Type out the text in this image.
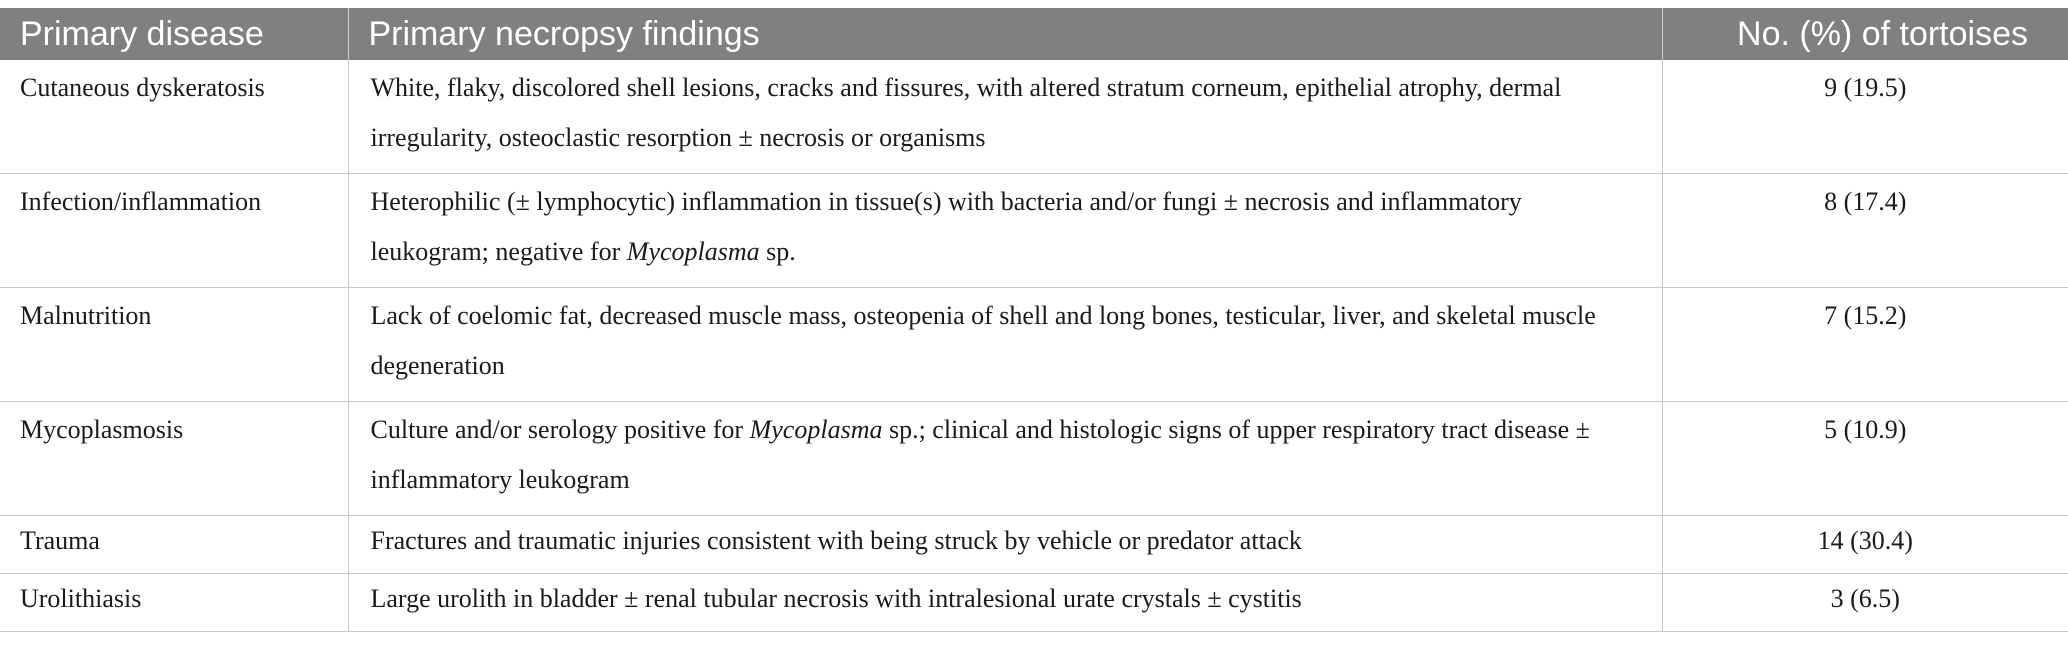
Primary disease	Primary necropsy findings	No. (%) of tortoises
Cutaneous dyskeratosis	White, flaky, discolored shell lesions, cracks and fissures, with altered stratum corneum, epithelial atrophy, dermal irregularity, osteoclastic resorption ± necrosis or organisms	9 (19.5)
Infection/inflammation	Heterophilic (± lymphocytic) inflammation in tissue(s) with bacteria and/or fungi ± necrosis and inflammatory leukogram; negative for Mycoplasma sp.	8 (17.4)
Malnutrition	Lack of coelomic fat, decreased muscle mass, osteopenia of shell and long bones, testicular, liver, and skeletal muscle degeneration	7 (15.2)
Mycoplasmosis	Culture and/or serology positive for Mycoplasma sp.; clinical and histologic signs of upper respiratory tract disease ± inflammatory leukogram	5 (10.9)
Trauma	Fractures and traumatic injuries consistent with being struck by vehicle or predator attack	14 (30.4)
Urolithiasis	Large urolith in bladder ± renal tubular necrosis with intralesional urate crystals ± cystitis	3 (6.5)
